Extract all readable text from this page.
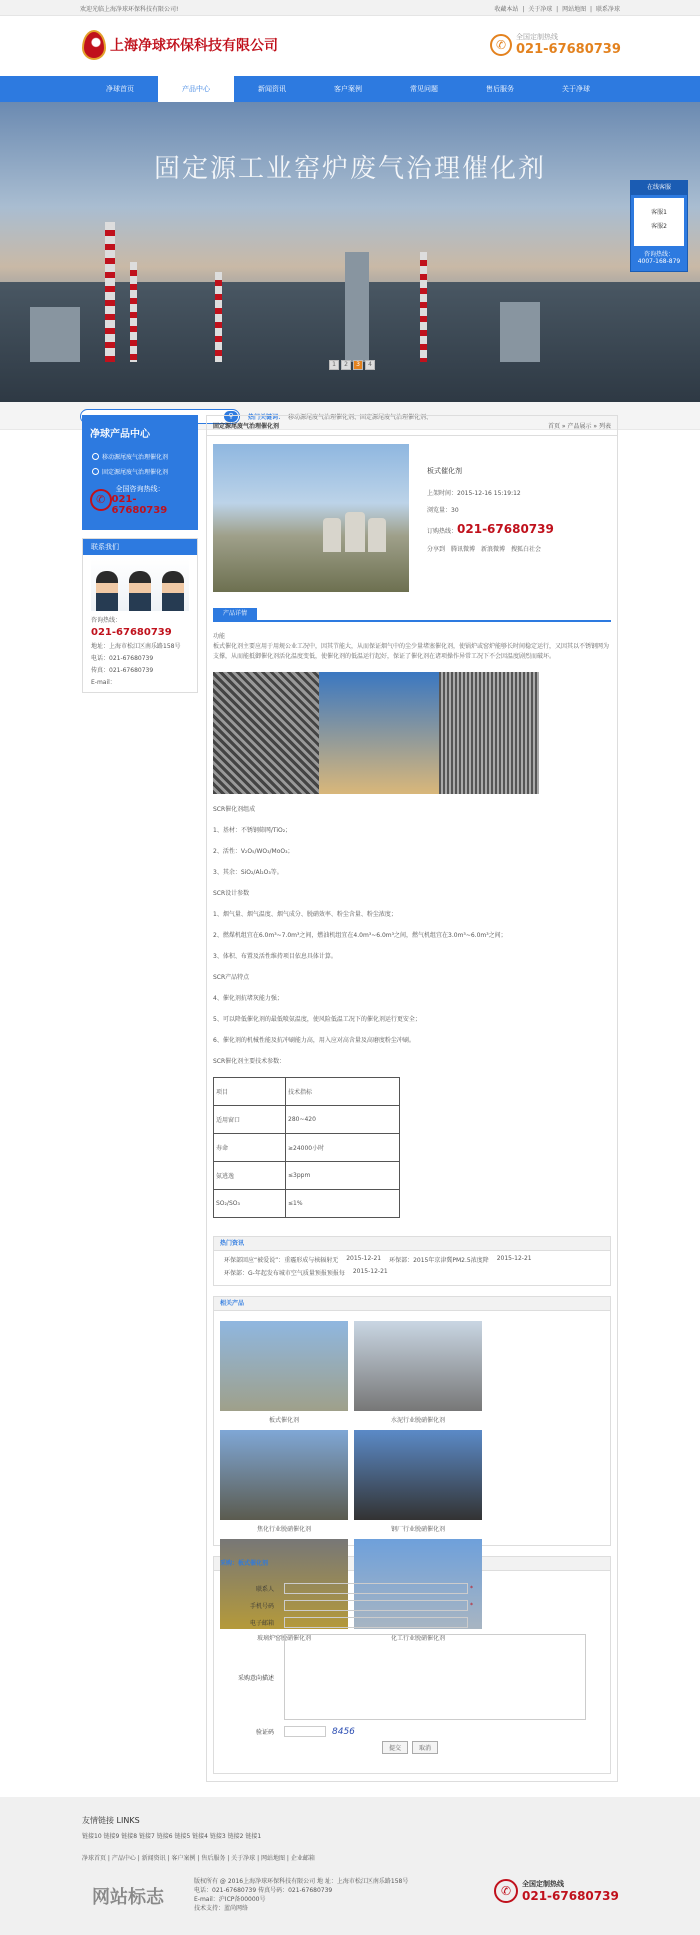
欢迎光临上海净球环保科技有限公司!	收藏本站 | 关于净球 | 网站地图 | 联系净球
上海净球环保科技有限公司	✆
全国定制热线
021-67680739
净球首页	产品中心	新闻资讯	客户案例	常见问题	售后服务	关于净球
固定源工业窑炉废气治理催化剂
1	2	3	4
在线客服
客服1
客服2
咨询热线：
4007-168-879
⚲	热门关键词： 移动源尾废气治理催化剂、固定源尾废气治理催化剂、
净球产品中心
移动源尾废气治理催化剂
固定源尾废气治理催化剂
✆
全国咨询热线：
021-67680739
联系我们
咨询热线：
021-67680739
地址：上海市松江区南乐路158号
电话：021-67680739
传真：021-67680739
E-mail：
固定源尾废气治理催化剂	首页 » 产品展示 » 列表
板式催化剂
上架时间：2015-12-16 15:19:12
浏览量：30
订购热线：021-67680739
分享到 腾讯微博 新浪微博 搜狐白社会
产品详情
功能
板式催化剂主要应用于用规公业工况中，因其节能大，从而保证烟气中的尘少量堵塞催化剂，使锅炉或窑炉能够长时间稳定运行，又因其以不锈钢网为支撑，从而能抵御催化剂活化温度变低，使催化剂的低温运行起好，保证了催化剂在诸项操作异常工况下不会因温度剧烈而破坏。

SCR催化剂组成

1、基材：不锈钢筛网/TiO₂；

2、活性：V₂O₅/WO₃/MoO₃；

3、其余：SiO₂/Al₂O₃等。

SCR设计参数

1、烟气量、烟气温度、烟气成分、脱硝效率、粉尘含量、粉尘浓度；

2、燃煤机组宜在6.0m³~7.0m³之间，燃油机组宜在4.0m³~6.0m³之间，燃气机组宜在3.0m³~6.0m³之间；

3、体积、布置及活性维持项目依息具体计算。

SCR产品特点

4、催化剂抗堵灰能力强；

5、可以降低催化剂的最低喷氨温度，使风险低温工况下的催化剂运行更安全；

6、催化剂的机械性能及抗冲刷能力高，用入应对高含量及高磨度粉尘冲刷。

SCR催化剂主要技术参数：

项目	技术指标
适用窗口	280~420
寿命	≥24000小时
氨逃逸	≤3ppm
SO₂/SO₃	≤1%
热门资讯
环保部回应“被爱说”：重霾形成与核辐射无 2015-12-21 环保部：2015年京津冀PM2.5浓度降 2015-12-21
环保部：G-年起发布城市空气质量预报预报每 2015-12-21
相关产品
板式催化剂	水泥行业脱硝催化剂
焦化行业脱硝催化剂	钢厂行业脱硝催化剂
玻璃炉窑脱硝催化剂	化工行业脱硝催化剂
采购：板式催化剂
联系人	*
手机号码	*
电子邮箱
采购意向描述
验证码	8456
提交	取消
友情链接 LINKS
链接10 链接9 链接8 链接7 链接6 链接5 链接4 链接3 链接2 链接1
净球首页 | 产品中心 | 新闻资讯 | 客户案例 | 售后服务 | 关于净球 | 网站地图 | 企业邮箱
网站标志
版权所有 @ 2016上海净球环保科技有限公司 地 址：上海市松江区南乐路158号
电话：021-67680739 传真号码：021-67680739
E-mail：沪ICP备00000号
技术支持：蓝尚网络
✆	全国定制热线
021-67680739
